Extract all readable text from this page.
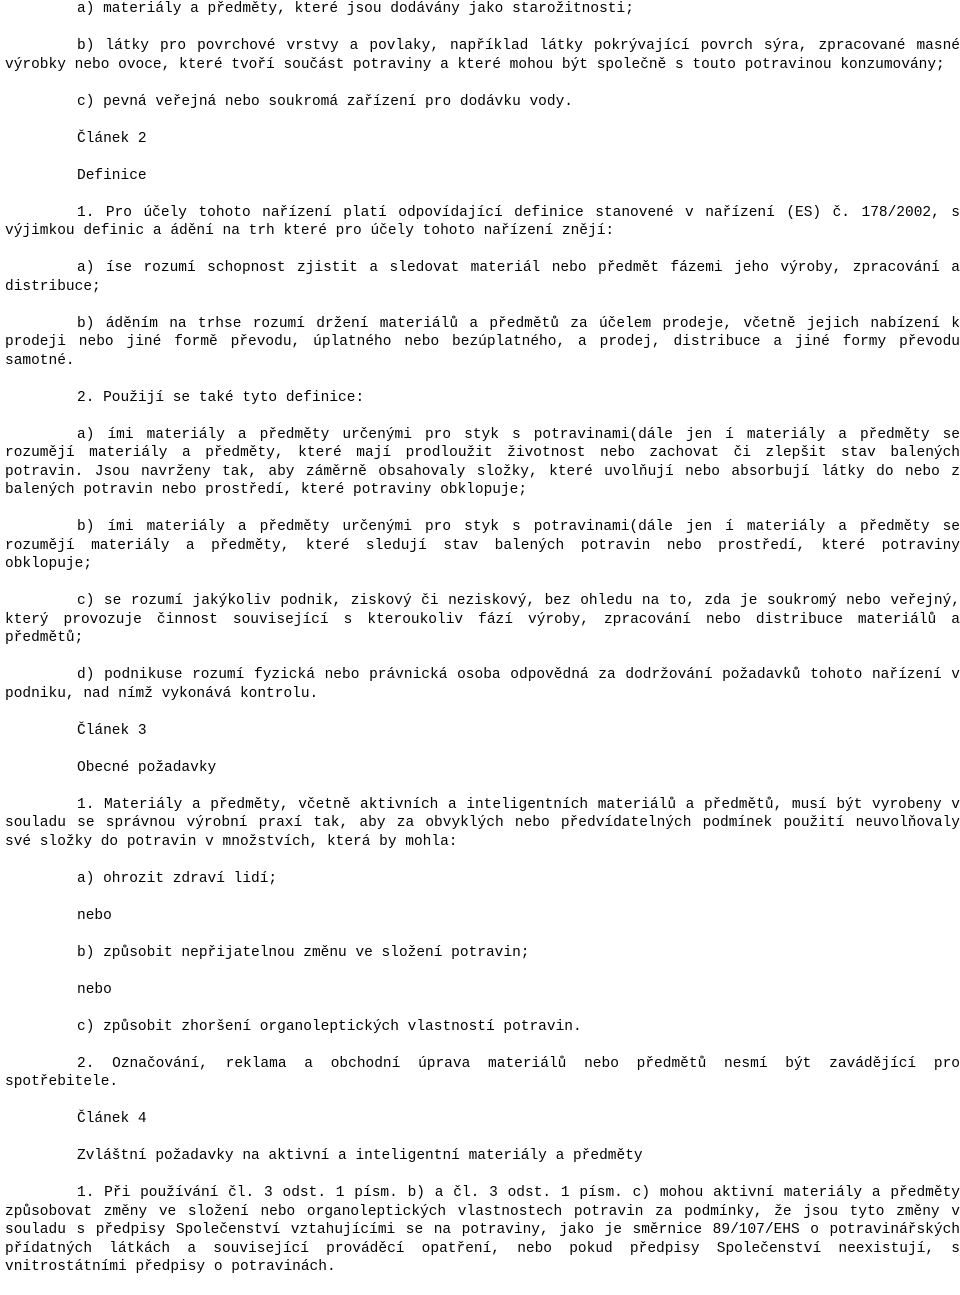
a) materiály a předměty, které jsou dodávány jako starožitnosti;

b) látky pro povrchové vrstvy a povlaky, například látky pokrývající povrch sýra, zpracované masné výrobky nebo ovoce, které tvoří součást potraviny a které mohou být společně s touto potravinou konzumovány;

c) pevná veřejná nebo soukromá zařízení pro dodávku vody.

Článek 2

Definice

1. Pro účely tohoto nařízení platí odpovídající definice stanovené v nařízení (ES) č. 178/2002, s výjimkou definic a ádění na trh které pro účely tohoto nařízení znějí:

a) íse rozumí schopnost zjistit a sledovat materiál nebo předmět fázemi jeho výroby, zpracování a distribuce;

b) áděním na trhse rozumí držení materiálů a předmětů za účelem prodeje, včetně jejich nabízení k prodeji nebo jiné formě převodu, úplatného nebo bezúplatného, a prodej, distribuce a jiné formy převodu samotné.

2. Použijí se také tyto definice:

a) ími materiály a předměty určenými pro styk s potravinami(dále jen í materiály a předměty se rozumějí materiály a předměty, které mají prodloužit životnost nebo zachovat či zlepšit stav balených potravin. Jsou navrženy tak, aby záměrně obsahovaly složky, které uvolňují nebo absorbují látky do nebo z balených potravin nebo prostředí, které potraviny obklopuje;

b) ími materiály a předměty určenými pro styk s potravinami(dále jen í materiály a předměty se rozumějí materiály a předměty, které sledují stav balených potravin nebo prostředí, které potraviny obklopuje;

c) se rozumí jakýkoliv podnik, ziskový či neziskový, bez ohledu na to, zda je soukromý nebo veřejný, který provozuje činnost související s kteroukoliv fází výroby, zpracování nebo distribuce materiálů a předmětů;

d) podnikuse rozumí fyzická nebo právnická osoba odpovědná za dodržování požadavků tohoto nařízení v podniku, nad nímž vykonává kontrolu.

Článek 3

Obecné požadavky

1. Materiály a předměty, včetně aktivních a inteligentních materiálů a předmětů, musí být vyrobeny v souladu se správnou výrobní praxí tak, aby za obvyklých nebo předvídatelných podmínek použití neuvolňovaly své složky do potravin v množstvích, která by mohla:

a) ohrozit zdraví lidí;

nebo

b) způsobit nepřijatelnou změnu ve složení potravin;

nebo

c) způsobit zhoršení organoleptických vlastností potravin.

2. Označování, reklama a obchodní úprava materiálů nebo předmětů nesmí být zavádějící pro spotřebitele.

Článek 4

Zvláštní požadavky na aktivní a inteligentní materiály a předměty

1. Při používání čl. 3 odst. 1 písm. b) a čl. 3 odst. 1 písm. c) mohou aktivní materiály a předměty způsobovat změny ve složení nebo organoleptických vlastnostech potravin za podmínky, že jsou tyto změny v souladu s předpisy Společenství vztahujícími se na potraviny, jako je směrnice 89/107/EHS o potravinářských přídatných látkách a související prováděcí opatření, nebo pokud předpisy Společenství neexistují, s vnitrostátními předpisy o potravinách.
